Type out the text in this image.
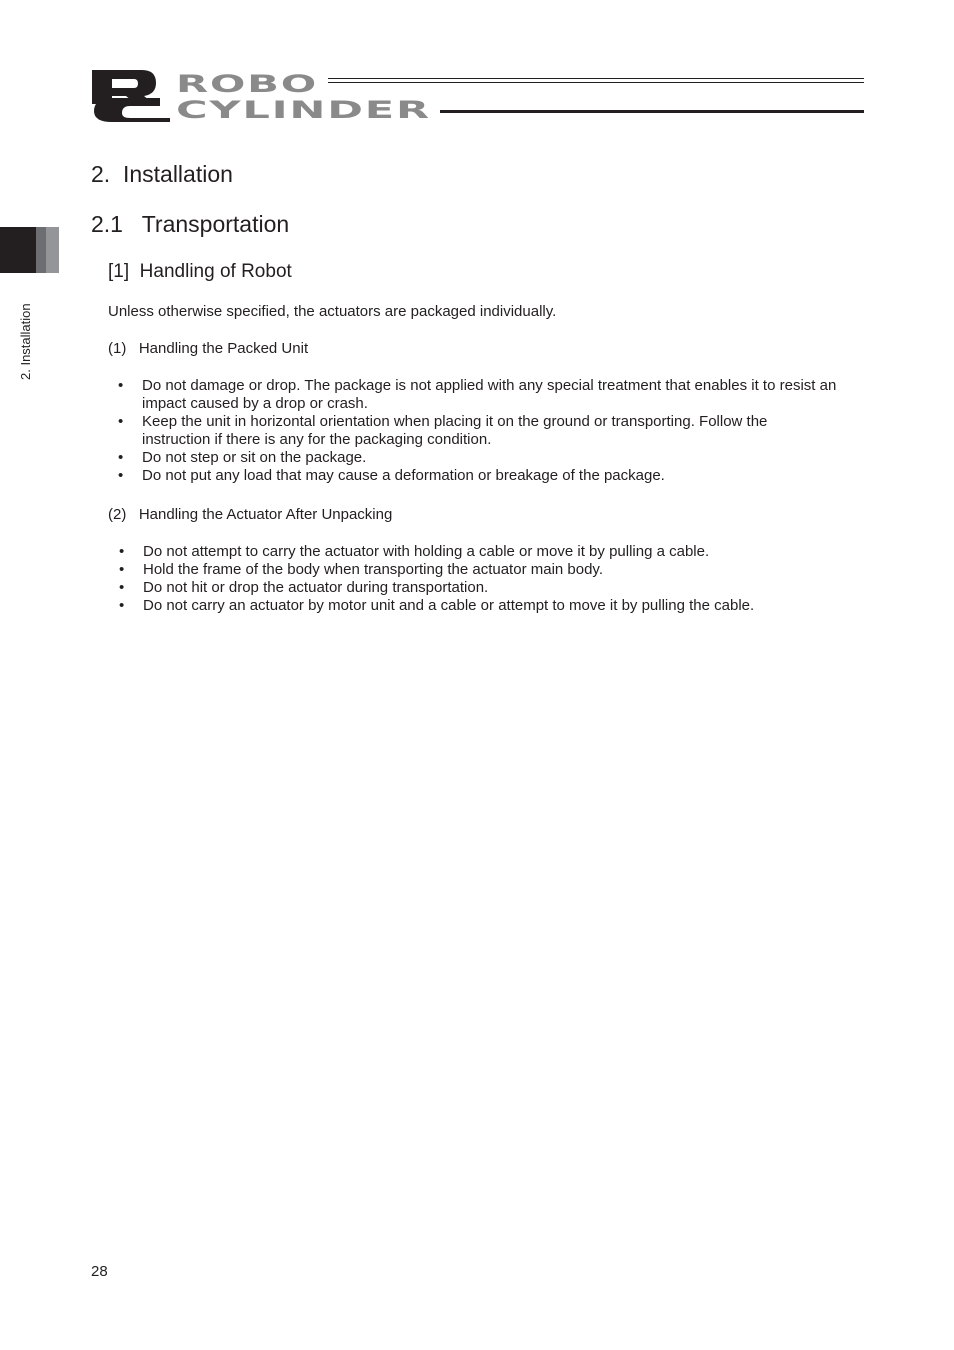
ROBO
CYLINDER
2. Installation
2.  Installation
2.1   Transportation
[1]  Handling of Robot
Unless otherwise specified, the actuators are packaged individually.
(1)   Handling the Packed Unit
• Do not damage or drop. The package is not applied with any special treatment that enables it to resist an impact caused by a drop or crash.
• Keep the unit in horizontal orientation when placing it on the ground or transporting. Follow the instruction if there is any for the packaging condition.
• Do not step or sit on the package.
• Do not put any load that may cause a deformation or breakage of the package.
(2)   Handling the Actuator After Unpacking
• Do not attempt to carry the actuator with holding a cable or move it by pulling a cable.
• Hold the frame of the body when transporting the actuator main body.
• Do not hit or drop the actuator during transportation.
• Do not carry an actuator by motor unit and a cable or attempt to move it by pulling the cable.
28
